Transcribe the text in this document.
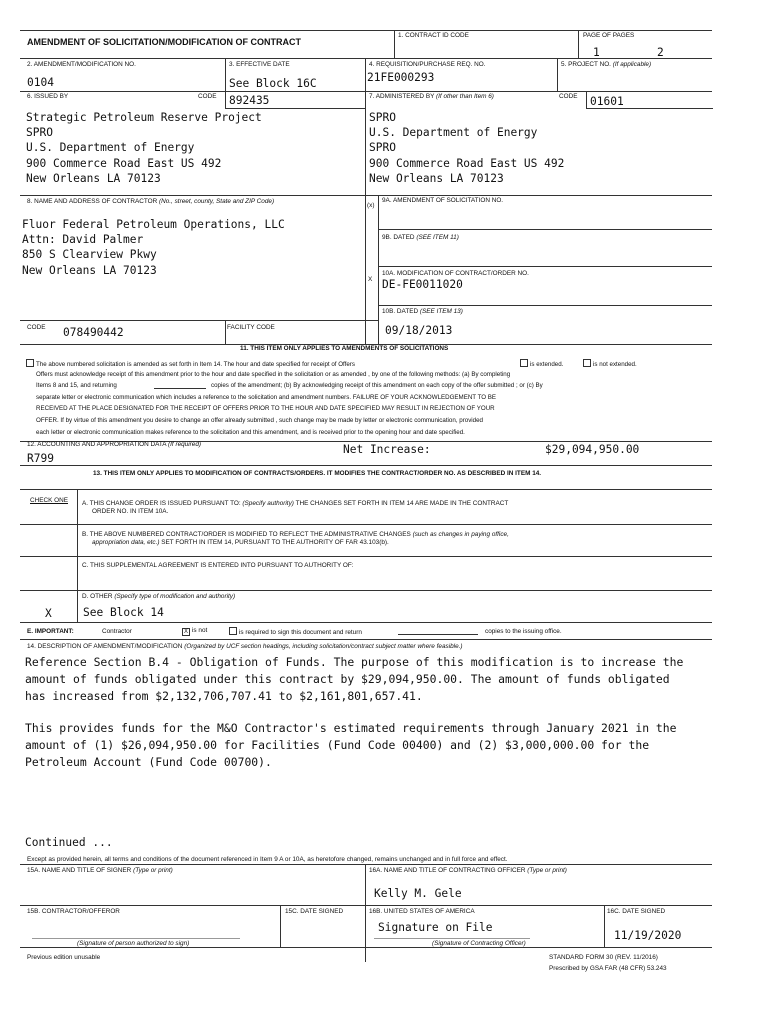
AMENDMENT OF SOLICITATION/MODIFICATION OF CONTRACT
1. CONTRACT ID CODE	PAGE OF PAGES
1	2
2. AMENDMENT/MODIFICATION NO.
0104
3. EFFECTIVE DATE
See Block 16C
4. REQUISITION/PURCHASE REQ. NO.
21FE000293
5. PROJECT NO. (If applicable)
6. ISSUED BY	CODE 892435
Strategic Petroleum Reserve Project
SPRO
U.S. Department of Energy
900 Commerce Road East US 492
New Orleans LA 70123
7. ADMINISTERED BY (If other than Item 6)	CODE 01601
SPRO
U.S. Department of Energy
SPRO
900 Commerce Road East US 492
New Orleans LA 70123
8. NAME AND ADDRESS OF CONTRACTOR (No., street, county, State and ZIP Code)
Fluor Federal Petroleum Operations, LLC
Attn: David Palmer
850 S Clearview Pkwy
New Orleans LA 70123
CODE 078490442	FACILITY CODE
(x)
9A. AMENDMENT OF SOLICITATION NO.
9B. DATED (SEE ITEM 11)
10A. MODIFICATION OF CONTRACT/ORDER NO.
X DE-FE0011020
10B. DATED (SEE ITEM 13)
09/18/2013
11. THIS ITEM ONLY APPLIES TO AMENDMENTS OF SOLICITATIONS
The above numbered solicitation is amended as set forth in Item 14. The hour and date specified for receipt of Offers	is extended.	is not extended.
Offers must acknowledge receipt of this amendment prior to the hour and date specified in the solicitation or as amended , by one of the following methods: (a) By completing
Items 8 and 15, and returning	copies of the amendment; (b) By acknowledging receipt of this amendment on each copy of the offer submitted ; or (c) By
separate letter or electronic communication which includes a reference to the solicitation and amendment numbers. FAILURE OF YOUR ACKNOWLEDGEMENT TO BE
RECEIVED AT THE PLACE DESIGNATED FOR THE RECEIPT OF OFFERS PRIOR TO THE HOUR AND DATE SPECIFIED MAY RESULT IN REJECTION OF YOUR
OFFER. If by virtue of this amendment you desire to change an offer already submitted , such change may be made by letter or electronic communication, provided
each letter or electronic communication makes reference to the solicitation and this amendment, and is received prior to the opening hour and date specified.
12. ACCOUNTING AND APPROPRIATION DATA (If required)
R799
Net Increase:	$29,094,950.00
13. THIS ITEM ONLY APPLIES TO MODIFICATION OF CONTRACTS/ORDERS. IT MODIFIES THE CONTRACT/ORDER NO. AS DESCRIBED IN ITEM 14.
CHECK ONE A. THIS CHANGE ORDER IS ISSUED PURSUANT TO: (Specify authority) THE CHANGES SET FORTH IN ITEM 14 ARE MADE IN THE CONTRACT
ORDER NO. IN ITEM 10A.
B. THE ABOVE NUMBERED CONTRACT/ORDER IS MODIFIED TO REFLECT THE ADMINISTRATIVE CHANGES (such as changes in paying office,
appropriation data, etc.) SET FORTH IN ITEM 14, PURSUANT TO THE AUTHORITY OF FAR 43.103(b).
C. THIS SUPPLEMENTAL AGREEMENT IS ENTERED INTO PURSUANT TO AUTHORITY OF:
D. OTHER (Specify type of modification and authority)
X	See Block 14
E. IMPORTANT:	Contractor	X is not	is required to sign this document and return	copies to the issuing office.
14. DESCRIPTION OF AMENDMENT/MODIFICATION (Organized by UCF section headings, including solicitation/contract subject matter where feasible.)
Reference Section B.4 - Obligation of Funds. The purpose of this modification is to increase the amount of funds obligated under this contract by $29,094,950.00. The amount of funds obligated has increased from $2,132,706,707.41 to $2,161,801,657.41.
This provides funds for the M&O Contractor's estimated requirements through January 2021 in the amount of (1) $26,094,950.00 for Facilities (Fund Code 00400) and (2) $3,000,000.00 for the Petroleum Account (Fund Code 00700).
Continued ...
Except as provided herein, all terms and conditions of the document referenced in Item 9 A or 10A, as heretofore changed, remains unchanged and in full force and effect.
15A. NAME AND TITLE OF SIGNER (Type or print)	16A. NAME AND TITLE OF CONTRACTING OFFICER (Type or print)
Kelly M. Gele
15B. CONTRACTOR/OFFEROR	15C. DATE SIGNED	16B. UNITED STATES OF AMERICA
Signature on File
16C. DATE SIGNED
11/19/2020
(Signature of person authorized to sign)	(Signature of Contracting Officer)
Previous edition unusable	STANDARD FORM 30 (REV. 11/2016)
Prescribed by GSA FAR (48 CFR) 53.243
